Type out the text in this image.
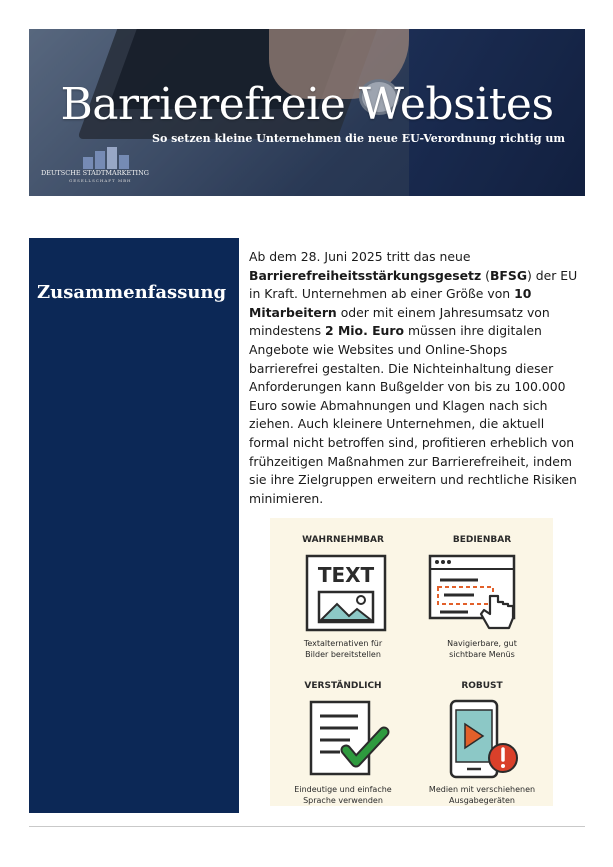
Barrierefreie Websites
So setzen kleine Unternehmen die neue EU-Verordnung richtig um
DEUTSCHE STADTMARKETING
GESELLSCHAFT MBH
Zusammenfassung
Ab dem 28. Juni 2025 tritt das neue Barrierefreiheitsstärkungsgesetz (BFSG) der EU in Kraft. Unternehmen ab einer Größe von 10 Mitarbeitern oder mit einem Jahresumsatz von mindestens 2 Mio. Euro müssen ihre digitalen Angebote wie Websites und Online-Shops barrierefrei gestalten. Die Nichteinhaltung dieser Anforderungen kann Bußgelder von bis zu 100.000 Euro sowie Abmahnungen und Klagen nach sich ziehen. Auch kleinere Unternehmen, die aktuell formal nicht betroffen sind, profitieren erheblich von frühzeitigen Maßnahmen zur Barrierefreiheit, indem sie ihre Zielgruppen erweitern und rechtliche Risiken minimieren.
WAHRNEHMBAR
TEXT
Textalternativen für
Bilder bereitstellen
BEDIENBAR
Navigierbare, gut
sichtbare Menüs
VERSTÄNDLICH
Eindeutige und einfache
Sprache verwenden
ROBUST
Medien mit verschiehenen
Ausgabegeräten
